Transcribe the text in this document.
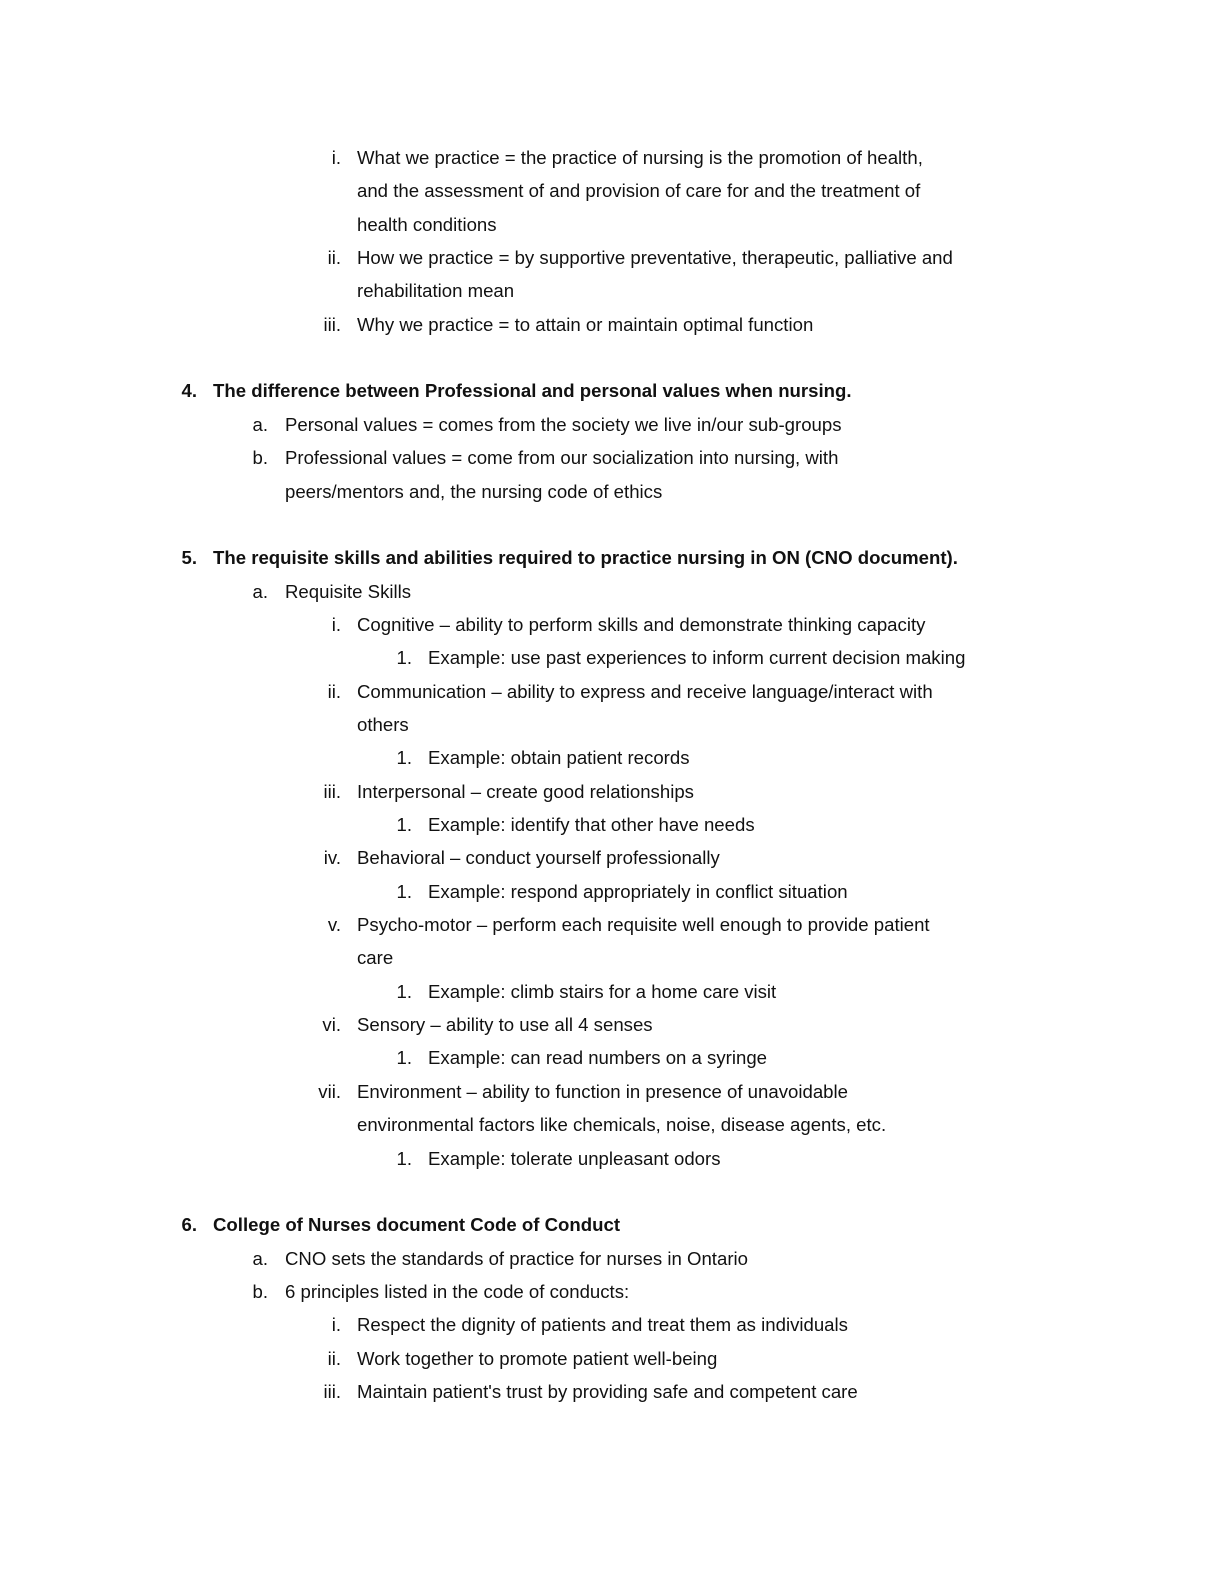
i. What we practice = the practice of nursing is the promotion of health,
and the assessment of and provision of care for and the treatment of
health conditions
ii. How we practice = by supportive preventative, therapeutic, palliative and
rehabilitation mean
iii. Why we practice = to attain or maintain optimal function
4. The difference between Professional and personal values when nursing.
a. Personal values = comes from the society we live in/our sub-groups
b. Professional values = come from our socialization into nursing, with
peers/mentors and, the nursing code of ethics
5. The requisite skills and abilities required to practice nursing in ON (CNO document).
a. Requisite Skills
i. Cognitive – ability to perform skills and demonstrate thinking capacity
1. Example: use past experiences to inform current decision making
ii. Communication – ability to express and receive language/interact with
others
1. Example: obtain patient records
iii. Interpersonal – create good relationships
1. Example: identify that other have needs
iv. Behavioral – conduct yourself professionally
1. Example: respond appropriately in conflict situation
v. Psycho-motor – perform each requisite well enough to provide patient
care
1. Example: climb stairs for a home care visit
vi. Sensory – ability to use all 4 senses
1. Example: can read numbers on a syringe
vii. Environment – ability to function in presence of unavoidable
environmental factors like chemicals, noise, disease agents, etc.
1. Example: tolerate unpleasant odors
6. College of Nurses document Code of Conduct
a. CNO sets the standards of practice for nurses in Ontario
b. 6 principles listed in the code of conducts:
i. Respect the dignity of patients and treat them as individuals
ii. Work together to promote patient well-being
iii. Maintain patient's trust by providing safe and competent care
